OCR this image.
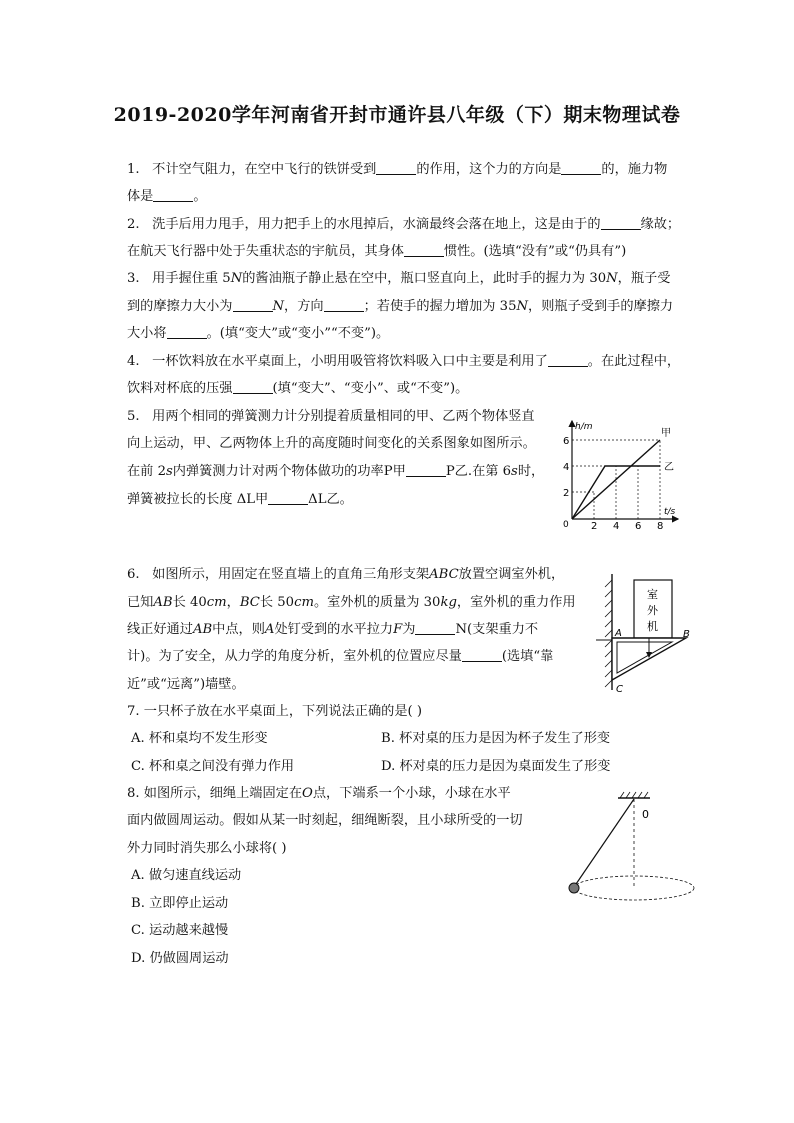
2019-2020学年河南省开封市通许县八年级（下）期末物理试卷
1. 不计空气阻力，在空中飞行的铁饼受到	的作用，这个力的方向是	的，施力物
体是	。
2. 洗手后用力甩手，用力把手上的水甩掉后，水滴最终会落在地上，这是由于的	缘故；
在航天飞行器中处于失重状态的宇航员，其身体	惯性。(选填“没有”或“仍具有”)
3. 用手握住重 5N的酱油瓶子静止悬在空中，瓶口竖直向上，此时手的握力为 30N，瓶子受
到的摩擦力大小为	N，方向	；若使手的握力增加为 35N，则瓶子受到手的摩擦力
大小将	。(填“变大”或“变小”“不变”)。
4. 一杯饮料放在水平桌面上，小明用吸管将饮料吸入口中主要是利用了	。在此过程中，
饮料对杯底的压强	(填“变大”、“变小”、或“不变”)。
5. 用两个相同的弹簧测力计分别提着质量相同的甲、乙两个物体竖直
向上运动，甲、乙两物体上升的高度随时间变化的关系图象如图所示。
在前 2s内弹簧测力计对两个物体做功的功率P甲	P乙.在第 6s时，
弹簧被拉长的长度 ΔL甲	ΔL乙。
h/m
t/s
0 2 4 6 8
2
4
6
甲
乙
6. 如图所示，用固定在竖直墙上的直角三角形支架ABC放置空调室外机，
已知AB长 40cm，BC长 50cm。室外机的质量为 30kg，室外机的重力作用
线正好通过AB中点，则A处钉受到的水平拉力F为	N(支架重力不
计)。为了安全，从力学的角度分析，室外机的位置应尽量	(选填“靠
近”或“远离”)墙壁。
室
外
机
A	B
C
7. 一只杯子放在水平桌面上，下列说法正确的是( )
A. 杯和桌均不发生形变	B. 杯对桌的压力是因为杯子发生了形变
C. 杯和桌之间没有弹力作用	D. 杯对桌的压力是因为桌面发生了形变
8. 如图所示，细绳上端固定在O点，下端系一个小球，小球在水平
面内做圆周运动。假如从某一时刻起，细绳断裂，且小球所受的一切
外力同时消失那么小球将( )
A. 做匀速直线运动
B. 立即停止运动
C. 运动越来越慢
D. 仍做圆周运动
0
